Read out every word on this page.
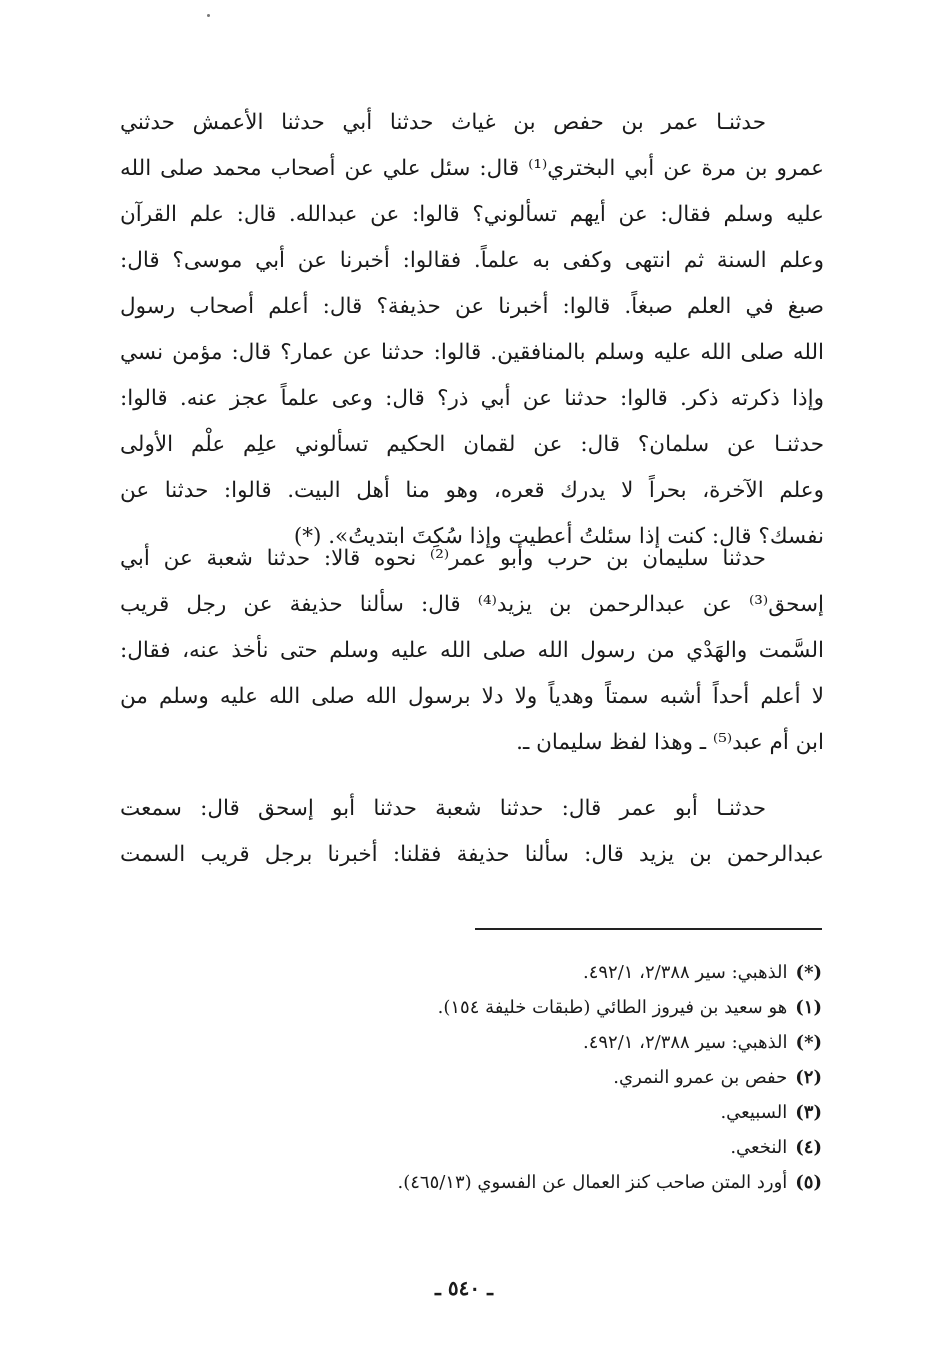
حدثنـا عمر بن حفص بن غياث حدثنا أبي حدثنا الأعمش حدثني
عمرو بن مرة عن أبي البختري⁽¹⁾ قال: سئل علي عن أصحاب محمد صلى الله
عليه وسلم فقال: عن أيهم تسألوني؟ قالوا: عن عبدالله. قال: علم القرآن
وعلم السنة ثم انتهى وكفى به علماً. فقالوا: أخبرنا عن أبي موسى؟ قال:
صبغ في العلم صبغاً. قالوا: أخبرنا عن حذيفة؟ قال: أعلم أصحاب رسول
الله صلى الله عليه وسلم بالمنافقين. قالوا: حدثنا عن عمار؟ قال: مؤمن نسي
وإذا ذكرته ذكر. قالوا: حدثنا عن أبي ذر؟ قال: وعى علماً عجز عنه. قالوا:
حدثنـا عن سلمان؟ قال: عن لقمان الحكيم تسألوني علِم علْم الأولى
وعلم الآخرة، بحراً لا يدرك قعره، وهو منا أهل البيت. قالوا: حدثنا عن
نفسك؟ قال: كنت إذا سئلتُ أعطيت وإذا سُكِتَ ابتديتُ». (*)
حدثنا سليمان بن حرب وأبو عمر⁽²⁾ نحوه قالا: حدثنا شعبة عن أبي
إسحق⁽³⁾ عن عبدالرحمن بن يزيد⁽⁴⁾ قال: سألنا حذيفة عن رجل قريب
السَّمت والهَدْي من رسول الله صلى الله عليه وسلم حتى نأخذ عنه، فقال:
لا أعلم أحداً أشبه سمتاً وهدياً ولا دلا برسول الله صلى الله عليه وسلم من
ابن أم عبد⁽⁵⁾ ـ وهذا لفظ سليمان ـ.
حدثنـا أبو عمر قال: حدثنا شعبة حدثنا أبو إسحق قال: سمعت
عبدالرحمن بن يزيد قال: سألنا حذيفة فقلنا: أخبرنا برجل قريب السمت
(*)الذهبي: سير ٢/٣٨٨، ٤٩٢/١.
(١)هو سعيد بن فيروز الطائي (طبقات خليفة ١٥٤).
(*)الذهبي: سير ٢/٣٨٨، ٤٩٢/١.
(٢)حفص بن عمرو النمري.
(٣)السبيعي.
(٤)النخعي.
(٥)أورد المتن صاحب كنز العمال عن الفسوي (٤٦٥/١٣).
ـ ٥٤٠ ـ
